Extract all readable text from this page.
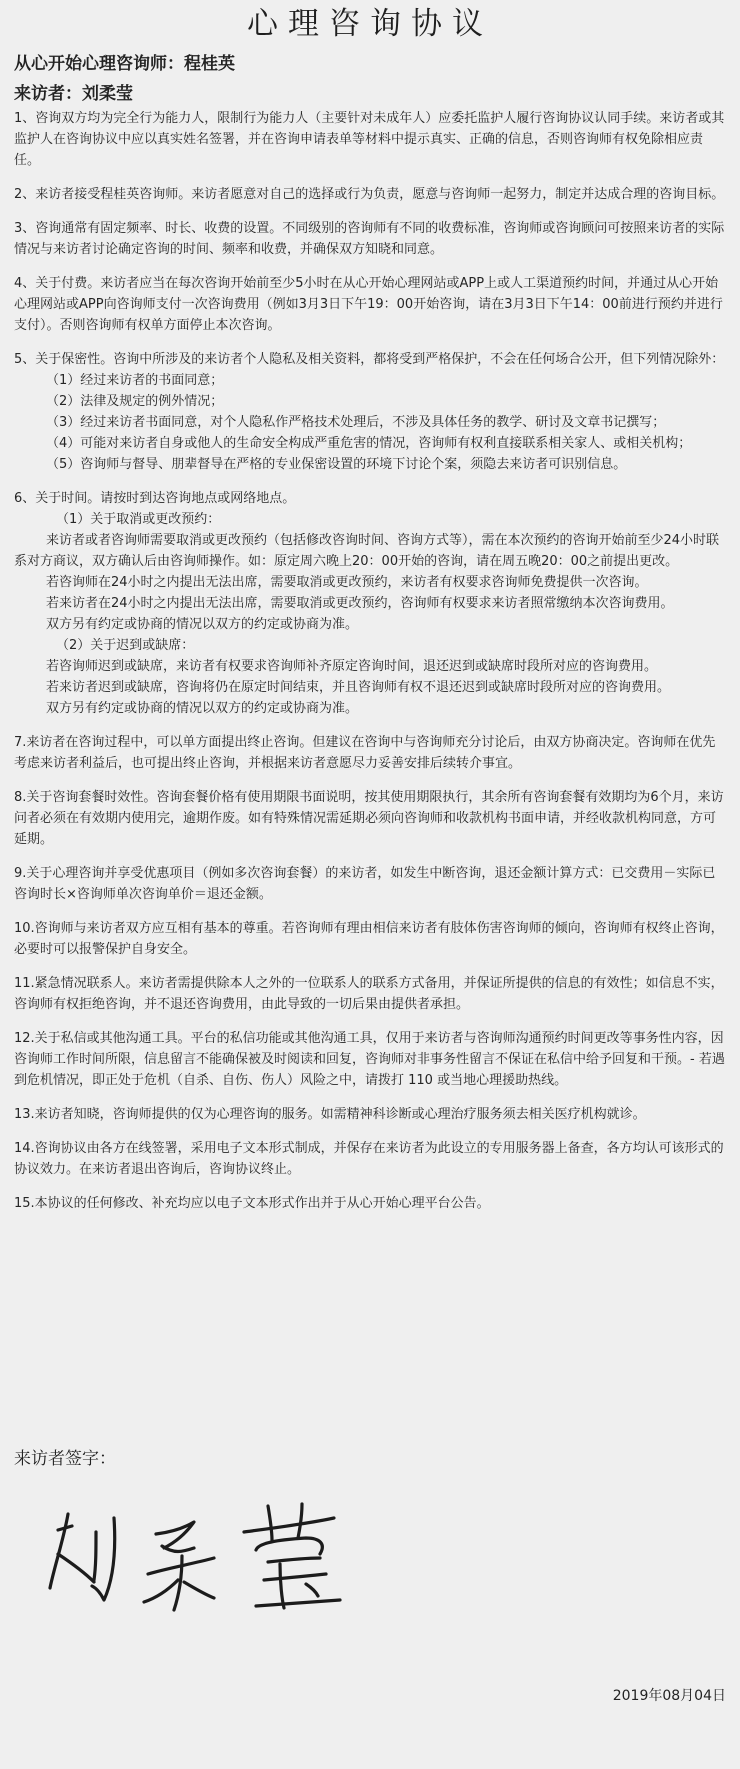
心理咨询协议
从心开始心理咨询师：程桂英
来访者：刘柔莹

1、咨询双方均为完全行为能力人，限制行为能力人（主要针对未成年人）应委托监护人履行咨询协议认同手续。来访者或其监护人在咨询协议中应以真实姓名签署，并在咨询申请表单等材料中提示真实、正确的信息，否则咨询师有权免除相应责任。

2、来访者接受程桂英咨询师。来访者愿意对自己的选择或行为负责，愿意与咨询师一起努力，制定并达成合理的咨询目标。

3、咨询通常有固定频率、时长、收费的设置。不同级别的咨询师有不同的收费标准，咨询师或咨询顾问可按照来访者的实际情况与来访者讨论确定咨询的时间、频率和收费，并确保双方知晓和同意。

4、关于付费。来访者应当在每次咨询开始前至少5小时在从心开始心理网站或APP上或人工渠道预约时间，并通过从心开始心理网站或APP向咨询师支付一次咨询费用（例如3月3日下午19：00开始咨询，请在3月3日下午14：00前进行预约并进行支付）。否则咨询师有权单方面停止本次咨询。

5、关于保密性。咨询中所涉及的来访者个人隐私及相关资料，都将受到严格保护，不会在任何场合公开，但下列情况除外：

（1）经过来访者的书面同意；

（2）法律及规定的例外情况；

（3）经过来访者书面同意，对个人隐私作严格技术处理后，不涉及具体任务的教学、研讨及文章书记撰写；

（4）可能对来访者自身或他人的生命安全构成严重危害的情况，咨询师有权利直接联系相关家人、或相关机构；

（5）咨询师与督导、朋辈督导在严格的专业保密设置的环境下讨论个案，须隐去来访者可识别信息。

6、关于时间。请按时到达咨询地点或网络地点。

（1）关于取消或更改预约：

来访者或者咨询师需要取消或更改预约（包括修改咨询时间、咨询方式等），需在本次预约的咨询开始前至少24小时联系对方商议，双方确认后由咨询师操作。如：原定周六晚上20：00开始的咨询，请在周五晚20：00之前提出更改。

若咨询师在24小时之内提出无法出席，需要取消或更改预约，来访者有权要求咨询师免费提供一次咨询。

若来访者在24小时之内提出无法出席，需要取消或更改预约，咨询师有权要求来访者照常缴纳本次咨询费用。

双方另有约定或协商的情况以双方的约定或协商为准。

（2）关于迟到或缺席：

若咨询师迟到或缺席，来访者有权要求咨询师补齐原定咨询时间，退还迟到或缺席时段所对应的咨询费用。

若来访者迟到或缺席，咨询将仍在原定时间结束，并且咨询师有权不退还迟到或缺席时段所对应的咨询费用。

双方另有约定或协商的情况以双方的约定或协商为准。

7.来访者在咨询过程中，可以单方面提出终止咨询。但建议在咨询中与咨询师充分讨论后，由双方协商决定。咨询师在优先考虑来访者利益后，也可提出终止咨询，并根据来访者意愿尽力妥善安排后续转介事宜。

8.关于咨询套餐时效性。咨询套餐价格有使用期限书面说明，按其使用期限执行，其余所有咨询套餐有效期均为6个月，来访问者必须在有效期内使用完，逾期作废。如有特殊情况需延期必须向咨询师和收款机构书面申请，并经收款机构同意，方可延期。

9.关于心理咨询并享受优惠项目（例如多次咨询套餐）的来访者，如发生中断咨询，退还金额计算方式：已交费用－实际已咨询时长×咨询师单次咨询单价＝退还金额。

10.咨询师与来访者双方应互相有基本的尊重。若咨询师有理由相信来访者有肢体伤害咨询师的倾向，咨询师有权终止咨询，必要时可以报警保护自身安全。

11.紧急情况联系人。来访者需提供除本人之外的一位联系人的联系方式备用，并保证所提供的信息的有效性；如信息不实，咨询师有权拒绝咨询，并不退还咨询费用，由此导致的一切后果由提供者承担。

12.关于私信或其他沟通工具。平台的私信功能或其他沟通工具，仅用于来访者与咨询师沟通预约时间更改等事务性内容，因咨询师工作时间所限，信息留言不能确保被及时阅读和回复，咨询师对非事务性留言不保证在私信中给予回复和干预。- 若遇到危机情况，即正处于危机（自杀、自伤、伤人）风险之中，请拨打 110 或当地心理援助热线。

13.来访者知晓，咨询师提供的仅为心理咨询的服务。如需精神科诊断或心理治疗服务须去相关医疗机构就诊。

14.咨询协议由各方在线签署，采用电子文本形式制成，并保存在来访者为此设立的专用服务器上备查，各方均认可该形式的协议效力。在来访者退出咨询后，咨询协议终止。

15.本协议的任何修改、补充均应以电子文本形式作出并于从心开始心理平台公告。

来访者签字：
2019年08月04日
